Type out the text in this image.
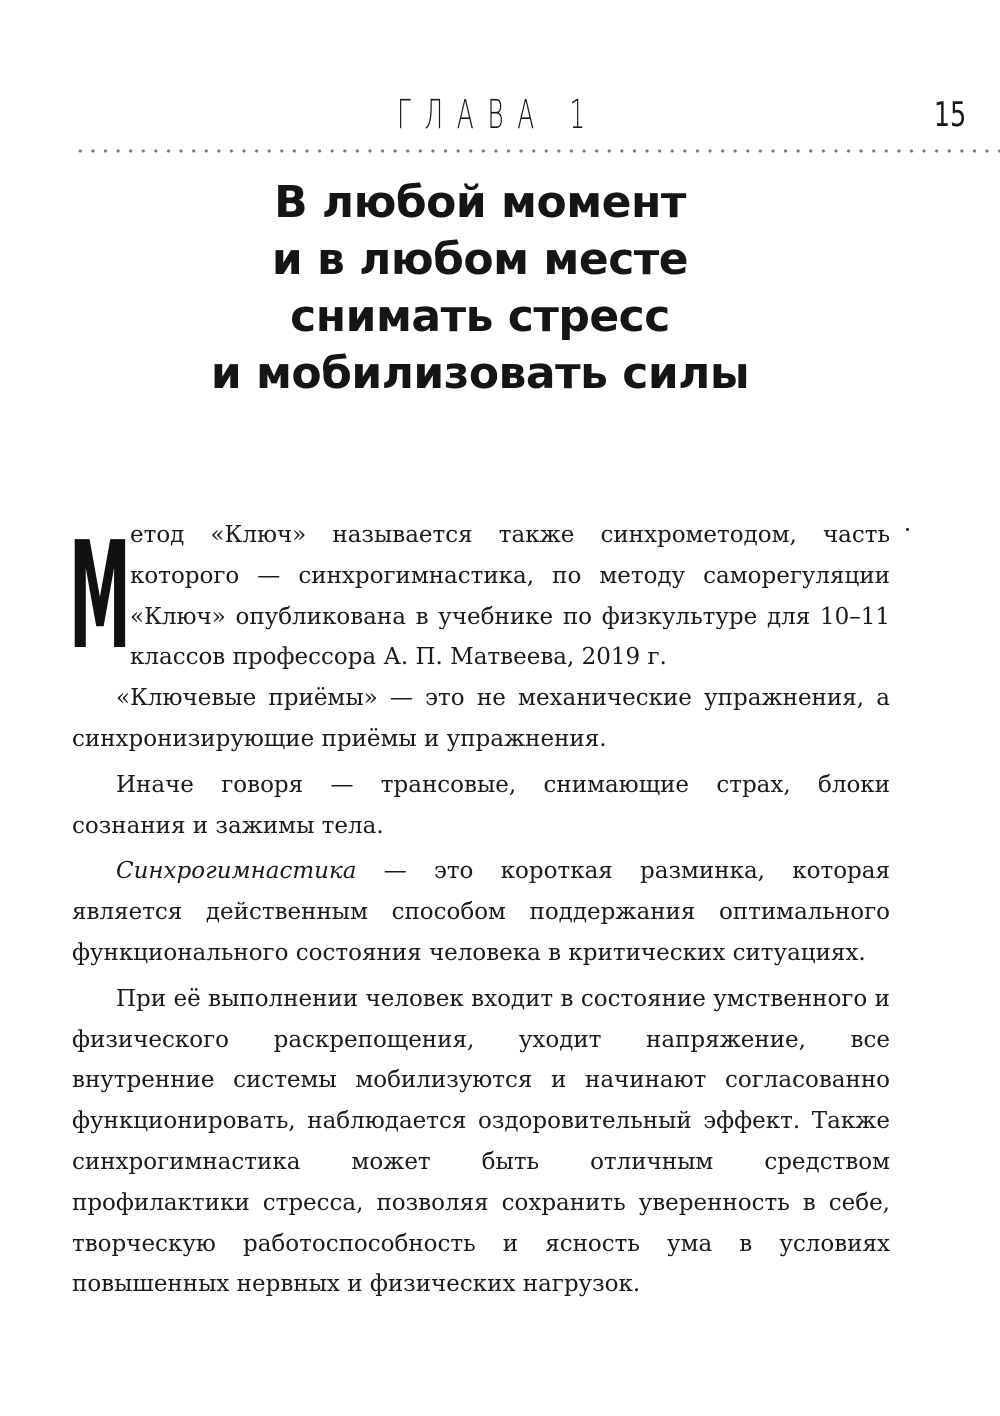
ГЛАВА 1	15
В любой момент
и в любом месте
снимать стресс
и мобилизовать силы

М етод «Ключ» называется также синхрометодом, часть которого — синхрогимнастика, по методу саморегуляции «Ключ» опубликована в учебнике по физкультуре для 10–11 классов профессора А. П. Матвеева, 2019 г.

«Ключевые приёмы» — это не механические упражнения, а синхронизирующие приёмы и упражнения.

Иначе говоря — трансовые, снимающие страх, блоки сознания и зажимы тела.

Синхрогимнастика — это короткая разминка, которая является действенным способом поддержания оптимального функционального состояния человека в критических ситуациях.

При её выполнении человек входит в состояние умственного и физического раскрепощения, уходит напряжение, все внутренние системы мобилизуются и начинают согласованно функционировать, наблюдается оздоровительный эффект. Также синхрогимнастика может быть отличным средством профилактики стресса, позволяя сохранить уверенность в себе, творческую работоспособность и ясность ума в условиях повышенных нервных и физических нагрузок.
